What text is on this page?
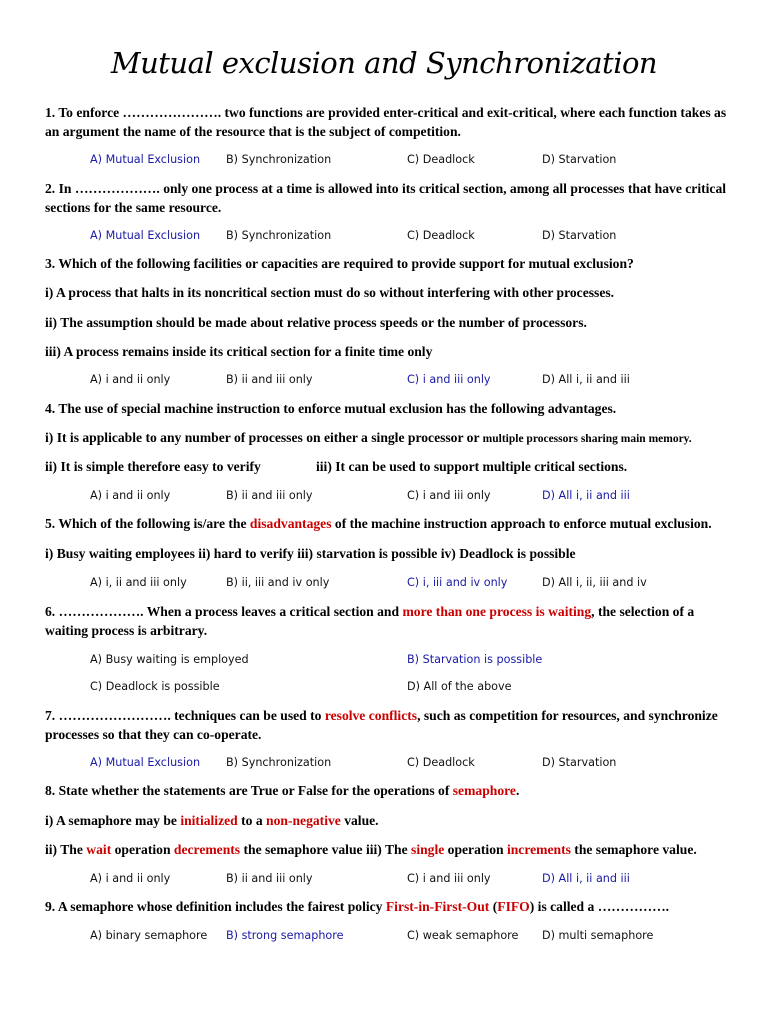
Mutual exclusion and Synchronization
1. To enforce …………………. two functions are provided enter-critical and exit-critical, where each function takes as an argument the name of the resource that is the subject of competition.
A) Mutual Exclusion B) Synchronization	C) Deadlock	D) Starvation
2. In ………………. only one process at a time is allowed into its critical section, among all processes that have critical sections for the same resource.
A) Mutual Exclusion B) Synchronization	C) Deadlock	D) Starvation
3. Which of the following facilities or capacities are required to provide support for mutual exclusion?
i) A process that halts in its noncritical section must do so without interfering with other processes.
ii) The assumption should be made about relative process speeds or the number of processors.
iii) A process remains inside its critical section for a finite time only
A) i and ii only	B) ii and iii only	C) i and iii only	D) All i, ii and iii
4. The use of special machine instruction to enforce mutual exclusion has the following advantages.
i) It is applicable to any number of processes on either a single processor or multiple processors sharing main memory.
ii) It is simple therefore easy to verify	iii) It can be used to support multiple critical sections.
A) i and ii only	B) ii and iii only	C) i and iii only	D) All i, ii and iii
5. Which of the following is/are the disadvantages of the machine instruction approach to enforce mutual exclusion.
i) Busy waiting employees ii) hard to verify iii) starvation is possible iv) Deadlock is possible
A) i, ii and iii only	B) ii, iii and iv only	C) i, iii and iv only	D) All i, ii, iii and iv
6. ………………. When a process leaves a critical section and more than one process is waiting, the selection of a waiting process is arbitrary.
A) Busy waiting is employed	B) Starvation is possible
C) Deadlock is possible	D) All of the above
7. ……………………. techniques can be used to resolve conflicts, such as competition for resources, and synchronize processes so that they can co-operate.
A) Mutual Exclusion B) Synchronization	C) Deadlock	D) Starvation
8. State whether the statements are True or False for the operations of semaphore.
i) A semaphore may be initialized to a non-negative value.
ii) The wait operation decrements the semaphore value iii) The single operation increments the semaphore value.
A) i and ii only	B) ii and iii only	C) i and iii only	D) All i, ii and iii
9. A semaphore whose definition includes the fairest policy First-in-First-Out (FIFO) is called a …………….
A) binary semaphore B) strong semaphore	C) weak semaphore D) multi semaphore
